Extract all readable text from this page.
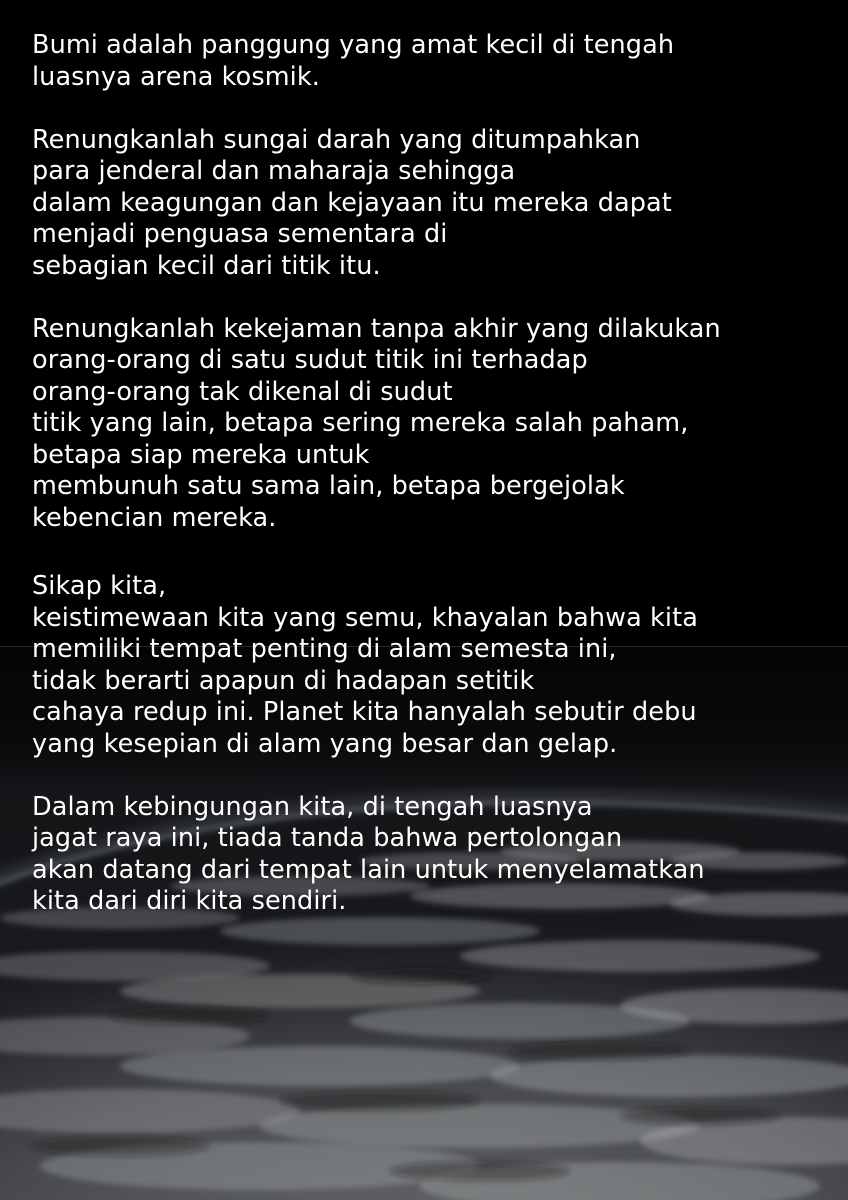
Bumi adalah panggung yang amat kecil di tengah
luasnya arena kosmik.

Renungkanlah sungai darah yang ditumpahkan
para jenderal dan maharaja sehingga
dalam keagungan dan kejayaan itu mereka dapat
menjadi penguasa sementara di
sebagian kecil dari titik itu.

Renungkanlah kekejaman tanpa akhir yang dilakukan
orang-orang di satu sudut titik ini terhadap
orang-orang tak dikenal di sudut
titik yang lain, betapa sering mereka salah paham,
betapa siap mereka untuk
membunuh satu sama lain, betapa bergejolak
kebencian mereka.

Sikap kita,
keistimewaan kita yang semu, khayalan bahwa kita
memiliki tempat penting di alam semesta ini,
tidak berarti apapun di hadapan setitik
cahaya redup ini. Planet kita hanyalah sebutir debu
yang kesepian di alam yang besar dan gelap.

Dalam kebingungan kita, di tengah luasnya
jagat raya ini, tiada tanda bahwa pertolongan
akan datang dari tempat lain untuk menyelamatkan
kita dari diri kita sendiri.
